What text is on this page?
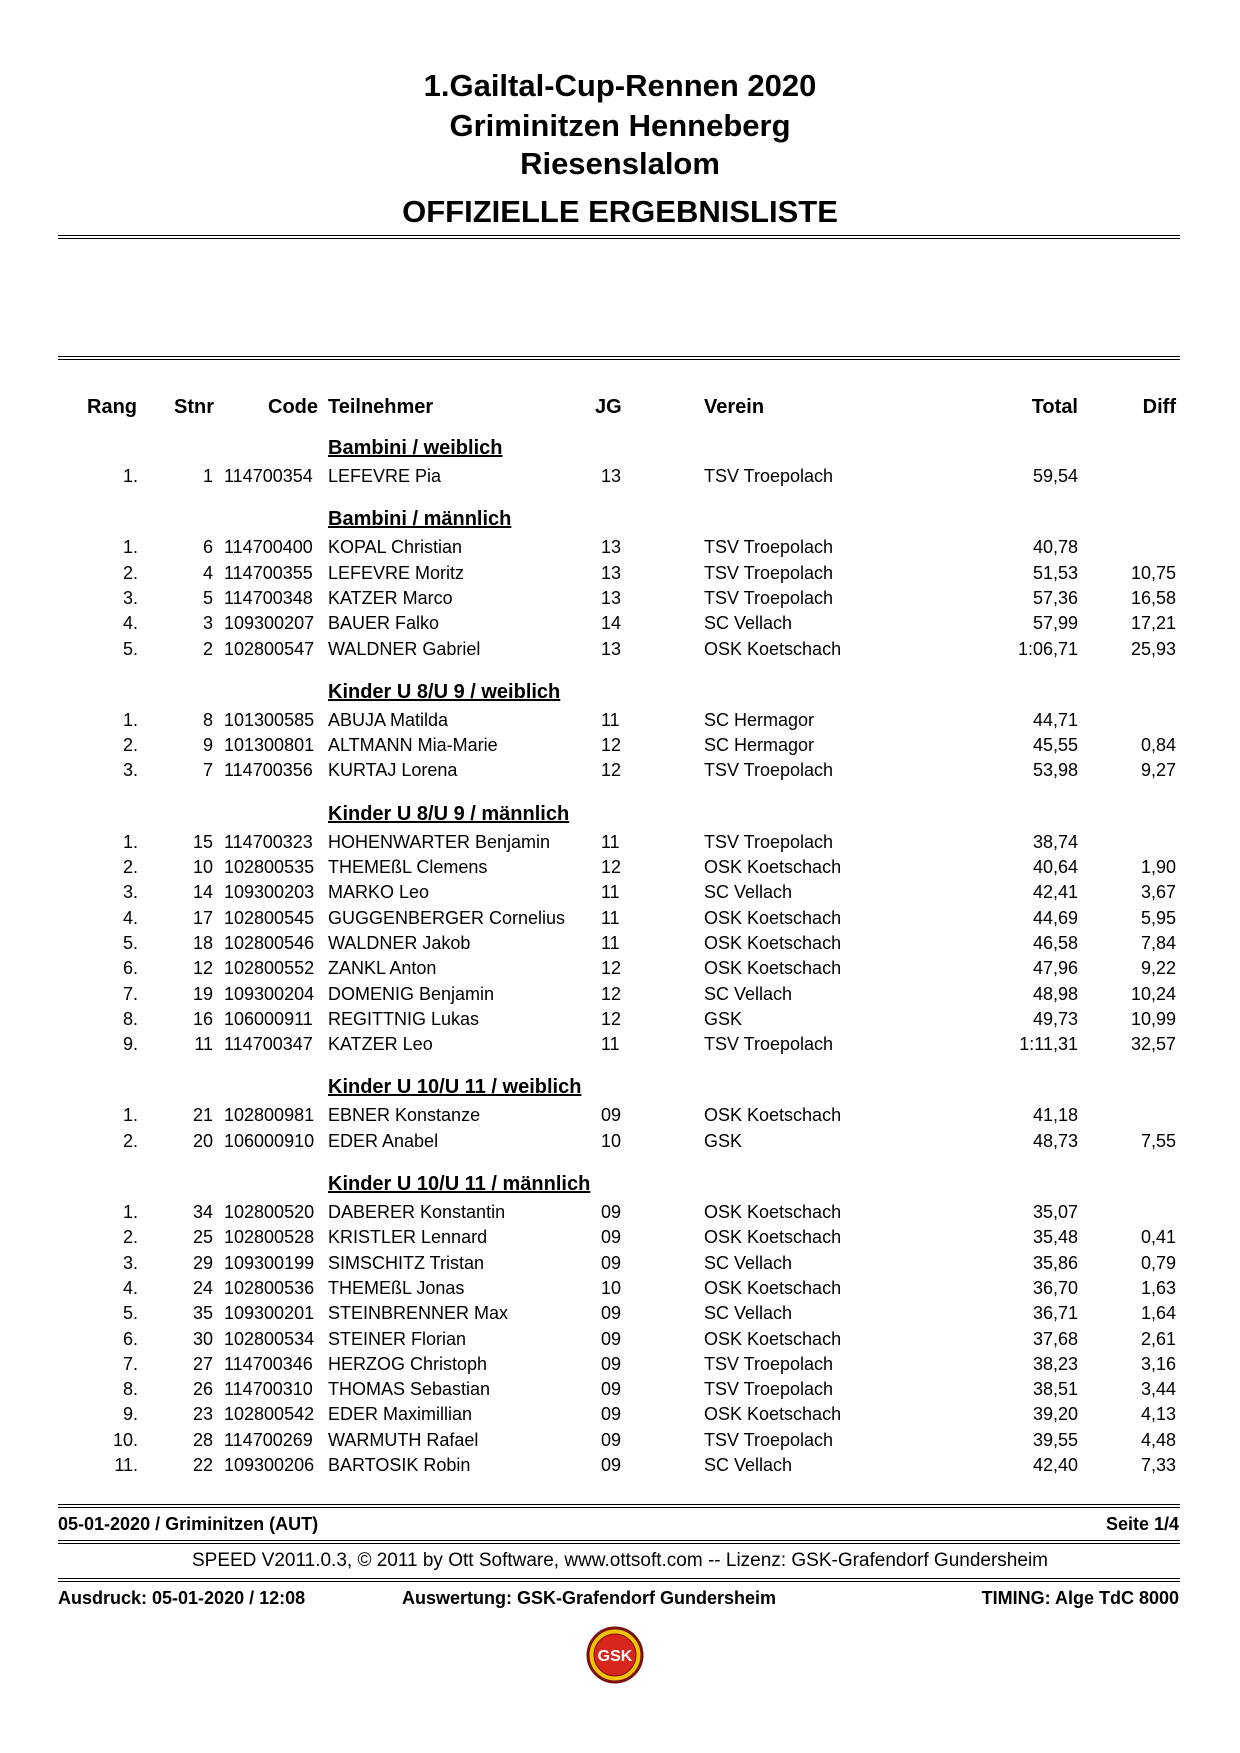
1.Gailtal-Cup-Rennen 2020
Griminitzen Henneberg
Riesenslalom
OFFIZIELLE ERGEBNISLISTE
Rang Stnr	Code Teilnehmer	JG	Verein	Total	Diff
Bambini / weiblich
1.	1 114700354 LEFEVRE Pia	13	TSV Troepolach	59,54
Bambini / männlich
1.	6 114700400 KOPAL Christian	13	TSV Troepolach	40,78
2.	4 114700355 LEFEVRE Moritz	13	TSV Troepolach	51,53	10,75
3.	5 114700348 KATZER Marco	13	TSV Troepolach	57,36	16,58
4.	3 109300207 BAUER Falko	14	SC Vellach	57,99	17,21
5.	2 102800547 WALDNER Gabriel	13	OSK Koetschach	1:06,71	25,93
Kinder U 8/U 9 / weiblich
1.	8 101300585 ABUJA Matilda	11	SC Hermagor	44,71
2.	9 101300801 ALTMANN Mia-Marie	12	SC Hermagor	45,55	0,84
3.	7 114700356 KURTAJ Lorena	12	TSV Troepolach	53,98	9,27
Kinder U 8/U 9 / männlich
1.	15 114700323 HOHENWARTER Benjamin	11	TSV Troepolach	38,74
2.	10 102800535 THEMEßL Clemens	12	OSK Koetschach	40,64	1,90
3.	14 109300203 MARKO Leo	11	SC Vellach	42,41	3,67
4.	17 102800545 GUGGENBERGER Cornelius 11	OSK Koetschach	44,69	5,95
5.	18 102800546 WALDNER Jakob	11	OSK Koetschach	46,58	7,84
6.	12 102800552 ZANKL Anton	12	OSK Koetschach	47,96	9,22
7.	19 109300204 DOMENIG Benjamin	12	SC Vellach	48,98	10,24
8.	16 106000911 REGITTNIG Lukas	12	GSK	49,73	10,99
9.	11 114700347 KATZER Leo	11	TSV Troepolach	1:11,31	32,57
Kinder U 10/U 11 / weiblich
1.	21 102800981 EBNER Konstanze	09	OSK Koetschach	41,18
2.	20 106000910 EDER Anabel	10	GSK	48,73	7,55
Kinder U 10/U 11 / männlich
1.	34 102800520 DABERER Konstantin	09	OSK Koetschach	35,07
2.	25 102800528 KRISTLER Lennard	09	OSK Koetschach	35,48	0,41
3.	29 109300199 SIMSCHITZ Tristan	09	SC Vellach	35,86	0,79
4.	24 102800536 THEMEßL Jonas	10	OSK Koetschach	36,70	1,63
5.	35 109300201 STEINBRENNER Max	09	SC Vellach	36,71	1,64
6.	30 102800534 STEINER Florian	09	OSK Koetschach	37,68	2,61
7.	27 114700346 HERZOG Christoph	09	TSV Troepolach	38,23	3,16
8.	26 114700310 THOMAS Sebastian	09	TSV Troepolach	38,51	3,44
9.	23 102800542 EDER Maximillian	09	OSK Koetschach	39,20	4,13
10.	28 114700269 WARMUTH Rafael	09	TSV Troepolach	39,55	4,48
11.	22 109300206 BARTOSIK Robin	09	SC Vellach	42,40	7,33
05-01-2020 / Griminitzen (AUT)	Seite 1/4
SPEED V2011.0.3, © 2011 by Ott Software, www.ottsoft.com -- Lizenz: GSK-Grafendorf Gundersheim
Ausdruck: 05-01-2020 / 12:08	Auswertung: GSK-Grafendorf Gundersheim	TIMING: Alge TdC 8000
GSK
